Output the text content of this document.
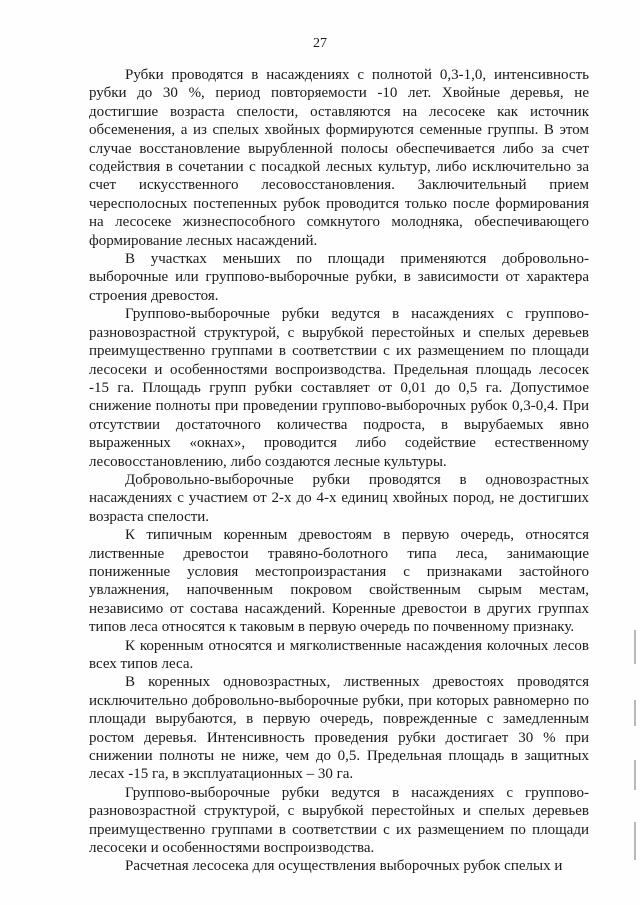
27

Рубки проводятся в насаждениях с полнотой 0,3-1,0, интенсивность рубки до 30 %, период повторяемости -10 лет. Хвойные деревья, не достигшие возраста спелости, оставляются на лесосеке как источник обсеменения, а из спелых хвойных формируются семенные группы. В этом случае восстановление вырубленной полосы обеспечивается либо за счет содействия в сочетании с посадкой лесных культур, либо исключительно за счет искусственного лесовосстановления. Заключительный прием чересполосных постепенных рубок проводится только после формирования на лесосеке жизнеспособного сомкнутого молодняка, обеспечивающего формирование лесных насаждений.

В участках меньших по площади применяются добровольно-выборочные или группово-выборочные рубки, в зависимости от характера строения древостоя.

Группово-выборочные рубки ведутся в насаждениях с группово-разновозрастной структурой, с вырубкой перестойных и спелых деревьев преимущественно группами в соответствии с их размещением по площади лесосеки и особенностями воспроизводства. Предельная площадь лесосек -15 га. Площадь групп рубки составляет от 0,01 до 0,5 га. Допустимое снижение полноты при проведении группово-выборочных рубок 0,3-0,4. При отсутствии достаточного количества подроста, в вырубаемых явно выраженных «окнах», проводится либо содействие естественному лесовосстановлению, либо создаются лесные культуры.

Добровольно-выборочные рубки проводятся в одновозрастных насаждениях с участием от 2-х до 4-х единиц хвойных пород, не достигших возраста спелости.

К типичным коренным древостоям в первую очередь, относятся лиственные древостои травяно-болотного типа леса, занимающие пониженные условия местопроизрастания с признаками застойного увлажнения, напочвенным покровом свойственным сырым местам, независимо от состава насаждений. Коренные древостои в других группах типов леса относятся к таковым в первую очередь по почвенному признаку.

К коренным относятся и мягколиственные насаждения колочных лесов всех типов леса.

В коренных одновозрастных, лиственных древостоях проводятся исключительно добровольно-выборочные рубки, при которых равномерно по площади вырубаются, в первую очередь, поврежденные с замедленным ростом деревья. Интенсивность проведения рубки достигает 30 % при снижении полноты не ниже, чем до 0,5. Предельная площадь в защитных лесах -15 га, в эксплуатационных – 30 га.

Группово-выборочные рубки ведутся в насаждениях с группово-разновозрастной структурой, с вырубкой перестойных и спелых деревьев преимущественно группами в соответствии с их размещением по площади лесосеки и особенностями воспроизводства.

Расчетная лесосека для осуществления выборочных рубок спелых и
